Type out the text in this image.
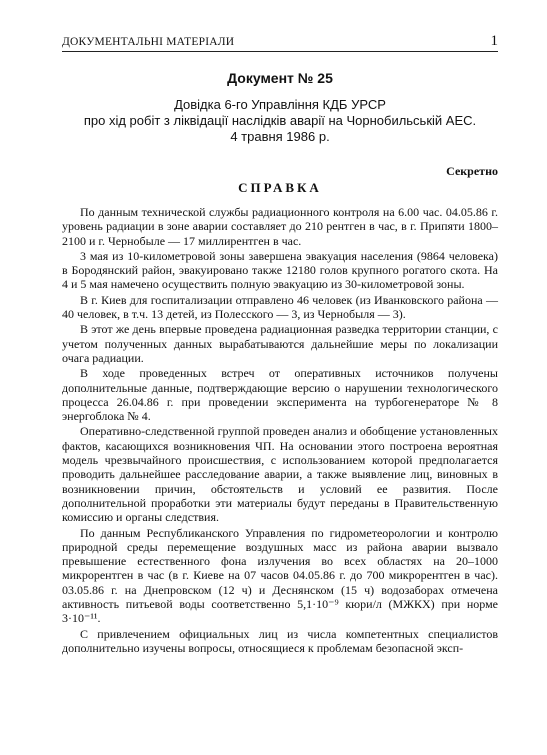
ДОКУМЕНТАЛЬНІ МАТЕРІАЛИ	1
Документ № 25
Довідка 6-го Управління КДБ УРСР
про хід робіт з ліквідації наслідків аварії на Чорнобильській АЕС.
4 травня 1986 р.
Секретно
СПРАВКА

По данным технической службы радиационного контроля на 6.00 час. 04.05.86 г. уровень радиации в зоне аварии составляет до 210 рентген в час, в г. Припяти 1800–2100 и г. Чернобыле — 17 миллирентген в час.

3 мая из 10-километровой зоны завершена эвакуация населения (9864 человека) в Бородянский район, эвакуировано также 12180 голов крупного рогатого скота. На 4 и 5 мая намечено осуществить полную эвакуацию из 30-километровой зоны.

В г. Киев для госпитализации отправлено 46 человек (из Иванковского района — 40 человек, в т.ч. 13 детей, из Полесского — 3, из Чернобыля — 3).

В этот же день впервые проведена радиационная разведка территории станции, с учетом полученных данных вырабатываются дальнейшие меры по локализации очага радиации.

В ходе проведенных встреч от оперативных источников получены дополнительные данные, подтверждающие версию о нарушении технологического процесса 26.04.86 г. при проведении эксперимента на турбогенераторе № 8 энергоблока № 4.

Оперативно-следственной группой проведен анализ и обобщение установленных фактов, касающихся возникновения ЧП. На основании этого построена вероятная модель чрезвычайного происшествия, с использованием которой предполагается проводить дальнейшее расследование аварии, а также выявление лиц, виновных в возникновении причин, обстоятельств и условий ее развития. После дополнительной проработки эти материалы будут переданы в Правительственную комиссию и органы следствия.

По данным Республиканского Управления по гидрометеорологии и контролю природной среды перемещение воздушных масс из района аварии вызвало превышение естественного фона излучения во всех областях на 20–1000 микрорентген в час (в г. Киеве на 07 часов 04.05.86 г. до 700 микрорентген в час). 03.05.86 г. на Днепровском (12 ч) и Деснянском (15 ч) водозаборах отмечена активность питьевой воды соответственно 5,1·10⁻⁹ кюри/л (МЖКХ) при норме 3·10⁻¹¹.

С привлечением официальных лиц из числа компетентных специалистов дополнительно изучены вопросы, относящиеся к проблемам безопасной эксп-
